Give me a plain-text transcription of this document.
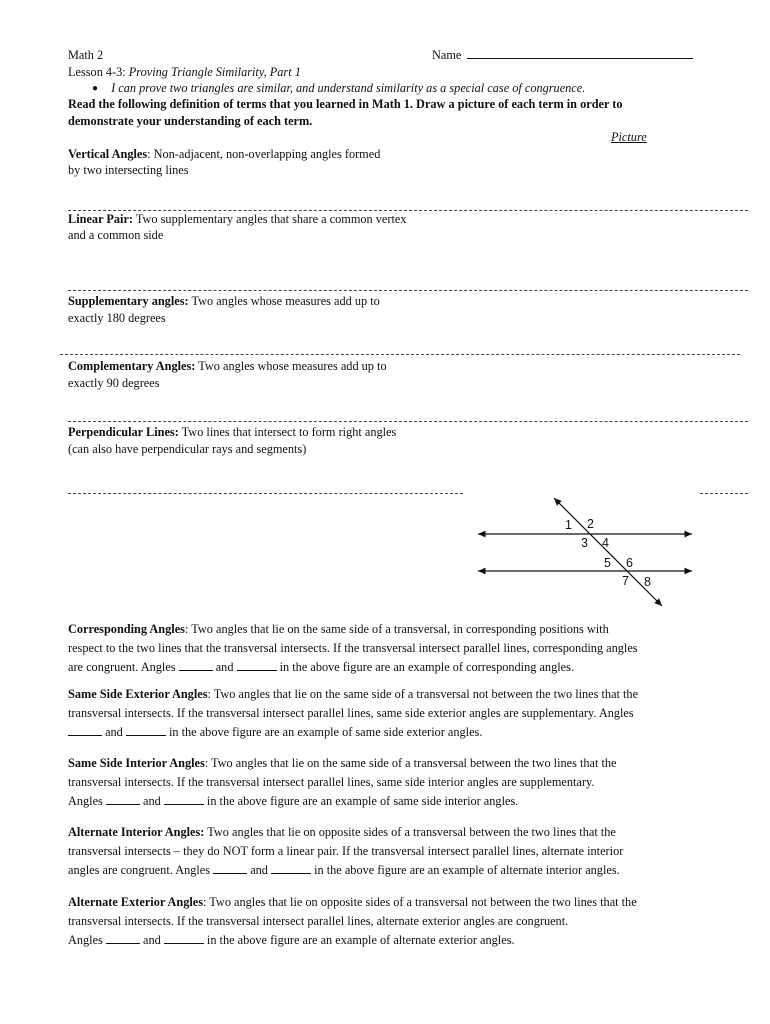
Math 2	Name
Lesson 4-3: Proving Triangle Similarity, Part 1
● I can prove two triangles are similar, and understand similarity as a special case of congruence.
Read the following definition of terms that you learned in Math 1. Draw a picture of each term in order to
demonstrate your understanding of each term.
Picture
Vertical Angles: Non-adjacent, non-overlapping angles formed
by two intersecting lines
Linear Pair: Two supplementary angles that share a common vertex
and a common side
Supplementary angles: Two angles whose measures add up to
exactly 180 degrees
Complementary Angles: Two angles whose measures add up to
exactly 90 degrees
Perpendicular Lines: Two lines that intersect to form right angles
(can also have perpendicular rays and segments)
1 2
3 4
5 6
7 8
Corresponding Angles: Two angles that lie on the same side of a transversal, in corresponding positions with
respect to the two lines that the transversal intersects. If the transversal intersect parallel lines, corresponding angles
are congruent. Angles	and	in the above figure are an example of corresponding angles.
Same Side Exterior Angles: Two angles that lie on the same side of a transversal not between the two lines that the
transversal intersects. If the transversal intersect parallel lines, same side exterior angles are supplementary. Angles
and	in the above figure are an example of same side exterior angles.
Same Side Interior Angles: Two angles that lie on the same side of a transversal between the two lines that the
transversal intersects. If the transversal intersect parallel lines, same side interior angles are supplementary.
Angles	and	in the above figure are an example of same side interior angles.
Alternate Interior Angles: Two angles that lie on opposite sides of a transversal between the two lines that the
transversal intersects – they do NOT form a linear pair. If the transversal intersect parallel lines, alternate interior
angles are congruent. Angles	and	in the above figure are an example of alternate interior angles.
Alternate Exterior Angles: Two angles that lie on opposite sides of a transversal not between the two lines that the
transversal intersects. If the transversal intersect parallel lines, alternate exterior angles are congruent.
Angles	and	in the above figure are an example of alternate exterior angles.
